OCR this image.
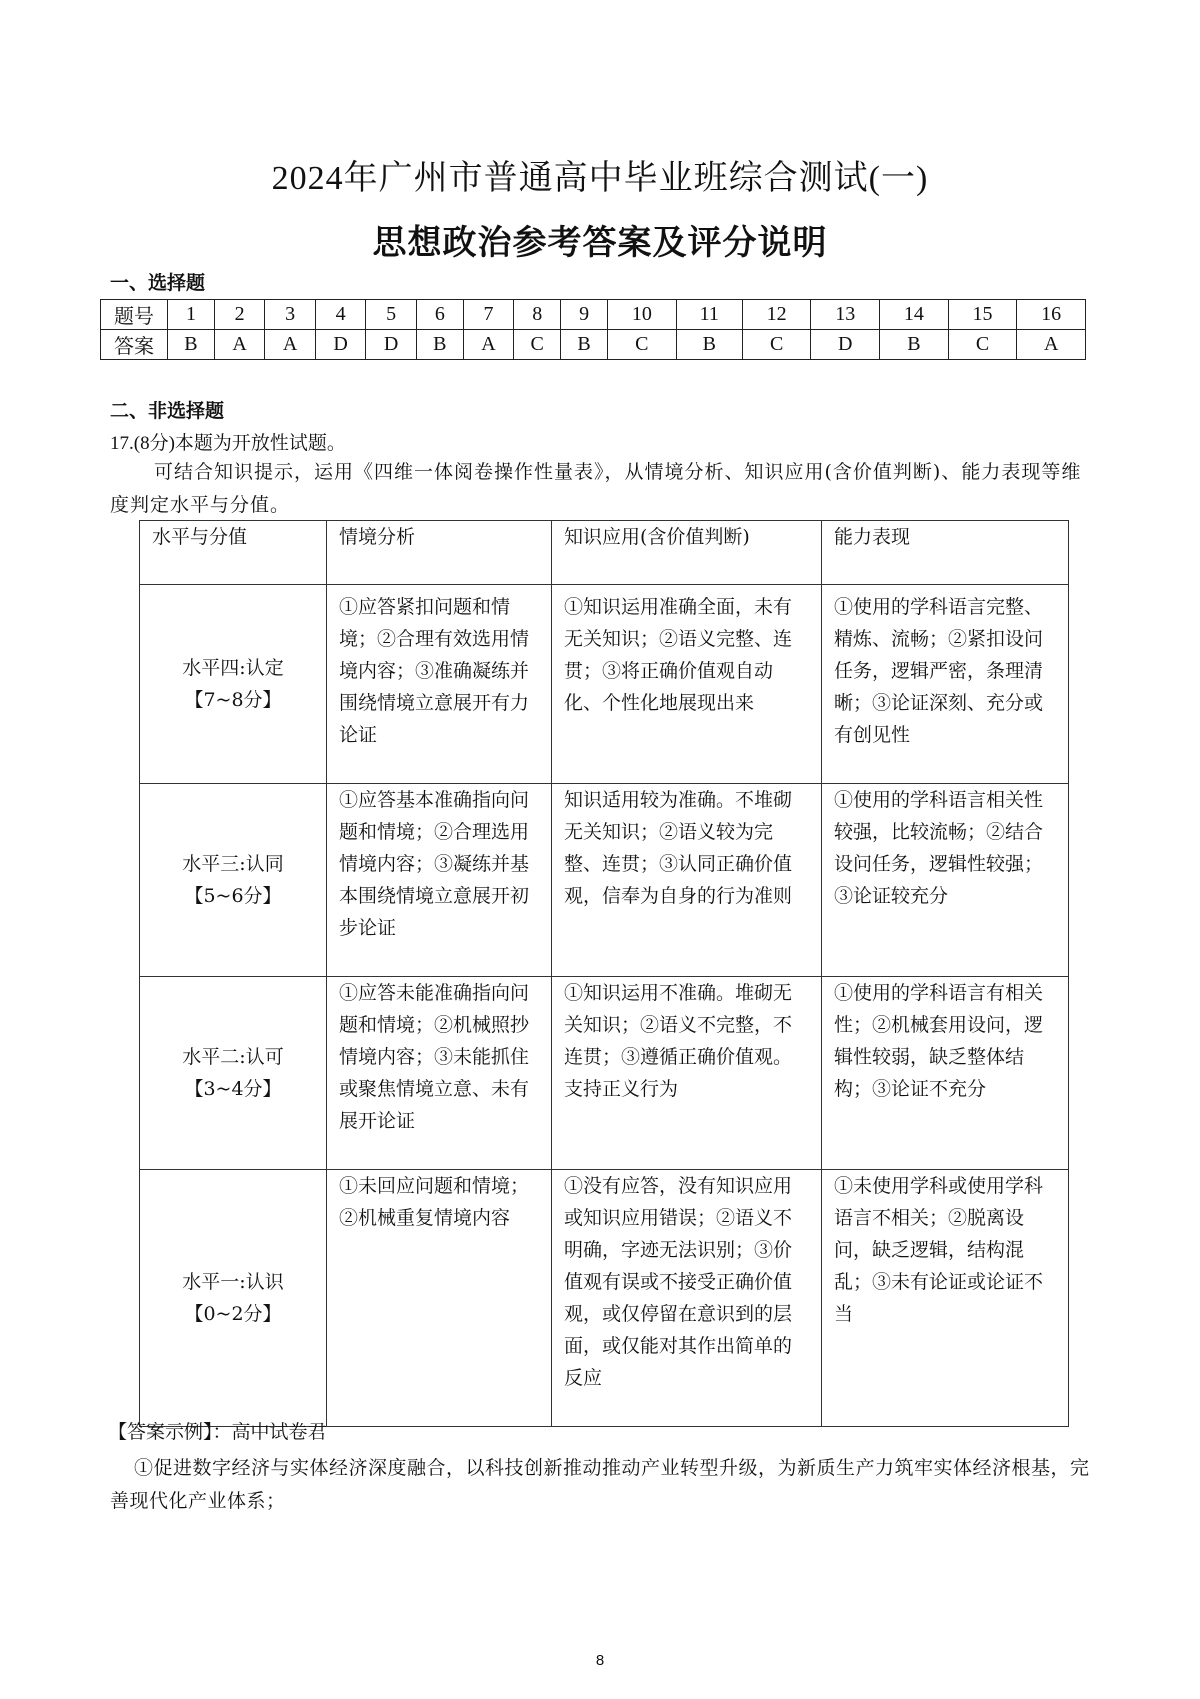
2024年广州市普通高中毕业班综合测试(一)
思想政治参考答案及评分说明
一、选择题
题号	1	2	3	4	5	6	7	8	9	10	11	12	13	14	15	16
答案	B	A	A	D	D	B	A	C	B	C	B	C	D	B	C	A
二、非选择题
17.(8分)本题为开放性试题。
可结合知识提示，运用《四维一体阅卷操作性量表》，从情境分析、知识应用(含价值判断)、能力表现等维度判定水平与分值。
水平与分值	情境分析	知识应用(含价值判断)	能力表现
水平四:认定【7~8分】	①应答紧扣问题和情境；②合理有效选用情境内容；③准确凝练并围绕情境立意展开有力论证	①知识运用准确全面，未有无关知识；②语义完整、连贯；③将正确价值观自动化、个性化地展现出来	①使用的学科语言完整、精炼、流畅；②紧扣设问任务，逻辑严密，条理清晰；③论证深刻、充分或有创见性
水平三:认同【5~6分】	①应答基本准确指向问题和情境；②合理选用情境内容；③凝练并基本围绕情境立意展开初步论证	知识适用较为准确。不堆砌无关知识；②语义较为完整、连贯；③认同正确价值观，信奉为自身的行为准则	①使用的学科语言相关性较强，比较流畅；②结合设问任务，逻辑性较强；③论证较充分
水平二:认可【3~4分】	①应答未能准确指向问题和情境；②机械照抄情境内容；③未能抓住或聚焦情境立意、未有展开论证	①知识运用不准确。堆砌无关知识；②语义不完整，不连贯；③遵循正确价值观。支持正义行为	①使用的学科语言有相关性；②机械套用设问，逻辑性较弱，缺乏整体结构；③论证不充分
水平一:认识【0~2分】	①未回应问题和情境；②机械重复情境内容	①没有应答，没有知识应用或知识应用错误；②语义不明确，字迹无法识别；③价值观有误或不接受正确价值观，或仅停留在意识到的层面，或仅能对其作出简单的反应	①未使用学科或使用学科语言不相关；②脱离设问，缺乏逻辑，结构混乱；③未有论证或论证不当
【答案示例】：高中试卷君
①促进数字经济与实体经济深度融合，以科技创新推动推动产业转型升级，为新质生产力筑牢实体经济根基，完善现代化产业体系；
8
